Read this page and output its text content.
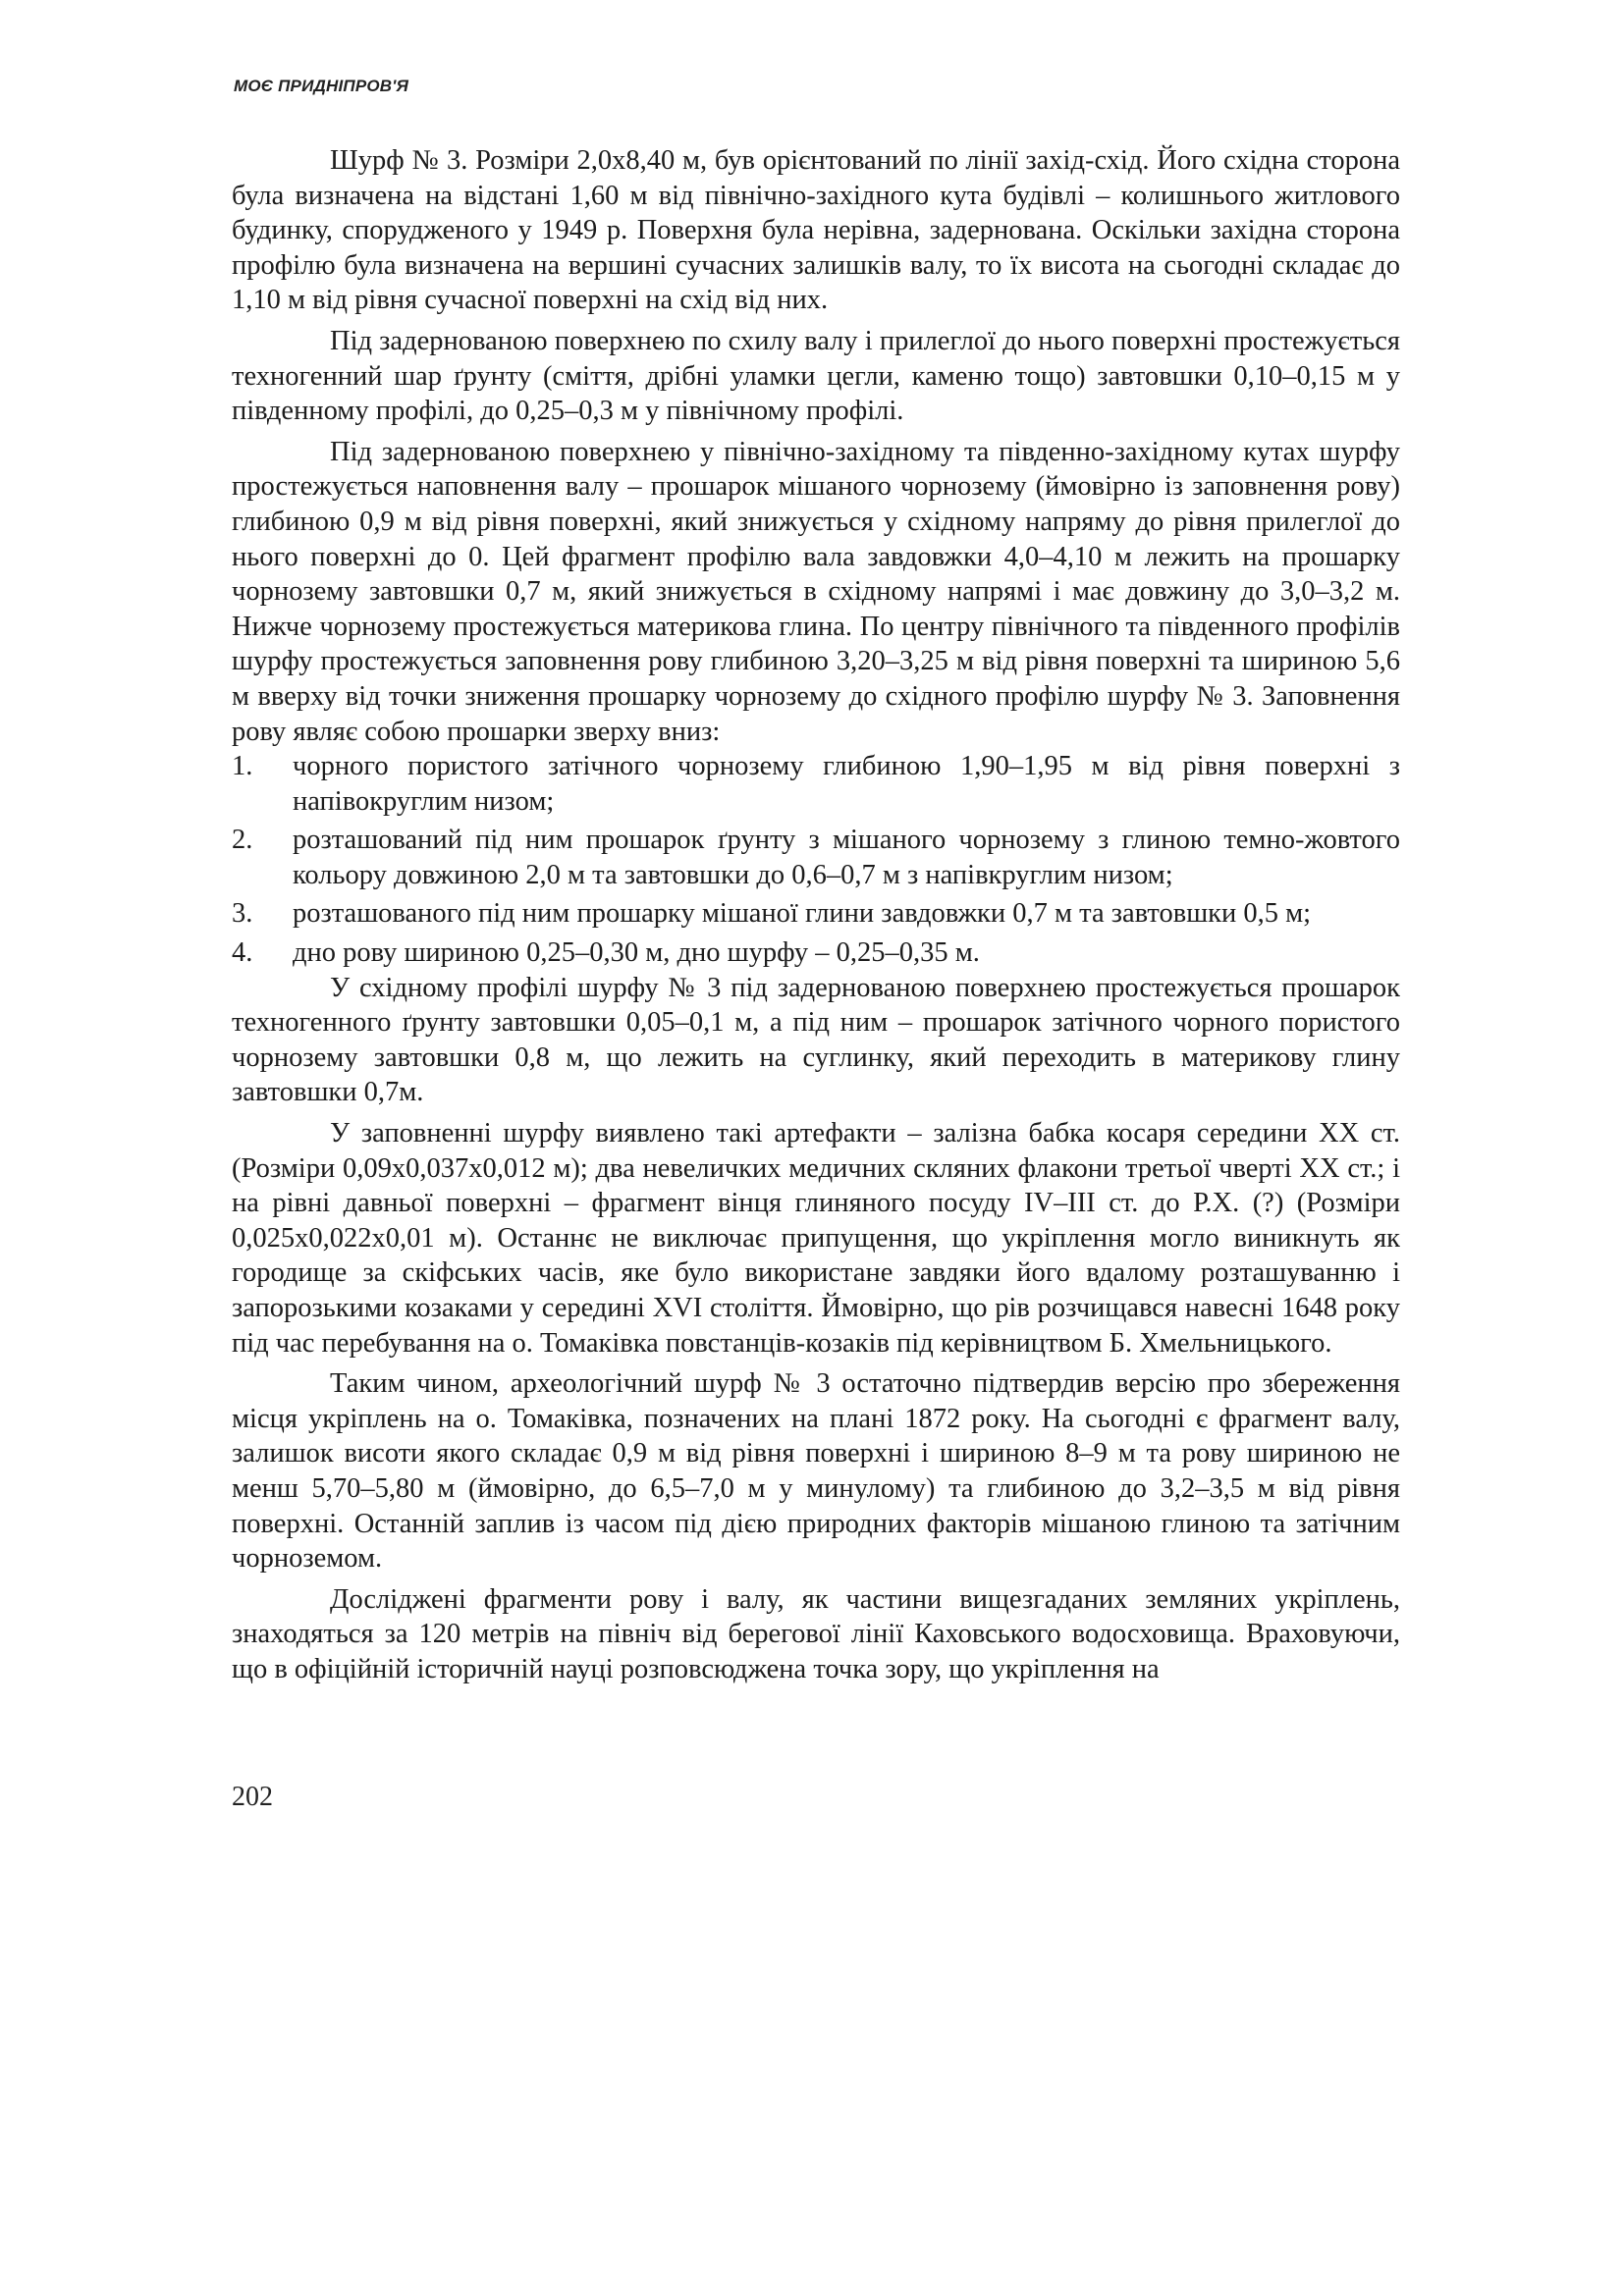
МОЄ ПРИДНІПРОВ'Я

Шурф № 3. Розміри 2,0х8,40 м, був орієнтований по лінії захід-схід. Його східна сторона була визначена на відстані 1,60 м від північно-західного кута будівлі – колишнього житлового будинку, спорудженого у 1949 р. Поверхня була нерівна, задернована. Оскільки західна сторона профілю була визначена на вершині сучасних залишків валу, то їх висота на сьогодні складає до 1,10 м від рівня сучасної поверхні на схід від них.

Під задернованою поверхнею по схилу валу і прилеглої до нього поверхні простежується техногенний шар ґрунту (сміття, дрібні уламки цегли, каменю тощо) завтовшки 0,10–0,15 м у південному профілі, до 0,25–0,3 м у північному профілі.

Під задернованою поверхнею у північно-західному та південно-західному кутах шурфу простежується наповнення валу – прошарок мішаного чорнозему (ймовірно із заповнення рову) глибиною 0,9 м від рівня поверхні, який знижується у східному напряму до рівня прилеглої до нього поверхні до 0. Цей фрагмент профілю вала завдовжки 4,0–4,10 м лежить на прошарку чорнозему завтовшки 0,7 м, який знижується в східному напрямі і має довжину до 3,0–3,2 м. Нижче чорнозему простежується материкова глина. По центру північного та південного профілів шурфу простежується заповнення рову глибиною 3,20–3,25 м від рівня поверхні та шириною 5,6 м вверху від точки зниження прошарку чорнозему до східного профілю шурфу № 3. Заповнення рову являє собою прошарки зверху вниз:

1. чорного пористого затічного чорнозему глибиною 1,90–1,95 м від рівня поверхні з напівокруглим низом;
2. розташований під ним прошарок ґрунту з мішаного чорнозему з глиною темно-жовтого кольору довжиною 2,0 м та завтовшки до 0,6–0,7 м з напівкруглим низом;
3. розташованого під ним прошарку мішаної глини завдовжки 0,7 м та завтовшки 0,5 м;
4. дно рову шириною 0,25–0,30 м, дно шурфу – 0,25–0,35 м.

У східному профілі шурфу № 3 під задернованою поверхнею простежується прошарок техногенного ґрунту завтовшки 0,05–0,1 м, а під ним – прошарок затічного чорного пористого чорнозему завтовшки 0,8 м, що лежить на суглинку, який переходить в материкову глину завтовшки 0,7м.

У заповненні шурфу виявлено такі артефакти – залізна бабка косаря середини ХХ ст. (Розміри 0,09х0,037х0,012 м); два невеличких медичних скляних флакони третьої чверті ХХ ст.; і на рівні давньої поверхні – фрагмент вінця глиняного посуду IV–ІІІ ст. до Р.Х. (?) (Розміри 0,025х0,022х0,01 м). Останнє не виключає припущення, що укріплення могло виникнуть як городище за скіфських часів, яке було використане завдяки його вдалому розташуванню і запорозькими козаками у середині XVI століття. Ймовірно, що рів розчищався навесні 1648 року під час перебування на о. Томаківка повстанців-козаків під керівництвом Б. Хмельницького.

Таким чином, археологічний шурф № 3 остаточно підтвердив версію про збереження місця укріплень на о. Томаківка, позначених на плані 1872 року. На сьогодні є фрагмент валу, залишок висоти якого складає 0,9 м від рівня поверхні і шириною 8–9 м та рову шириною не менш 5,70–5,80 м (ймовірно, до 6,5–7,0 м у минулому) та глибиною до 3,2–3,5 м від рівня поверхні. Останній заплив із часом під дією природних факторів мішаною глиною та затічним чорноземом.

Досліджені фрагменти рову і валу, як частини вищезгаданих земляних укріплень, знаходяться за 120 метрів на північ від берегової лінії Каховського водосховища. Враховуючи, що в офіційній історичній науці розповсюджена точка зору, що укріплення на

202
